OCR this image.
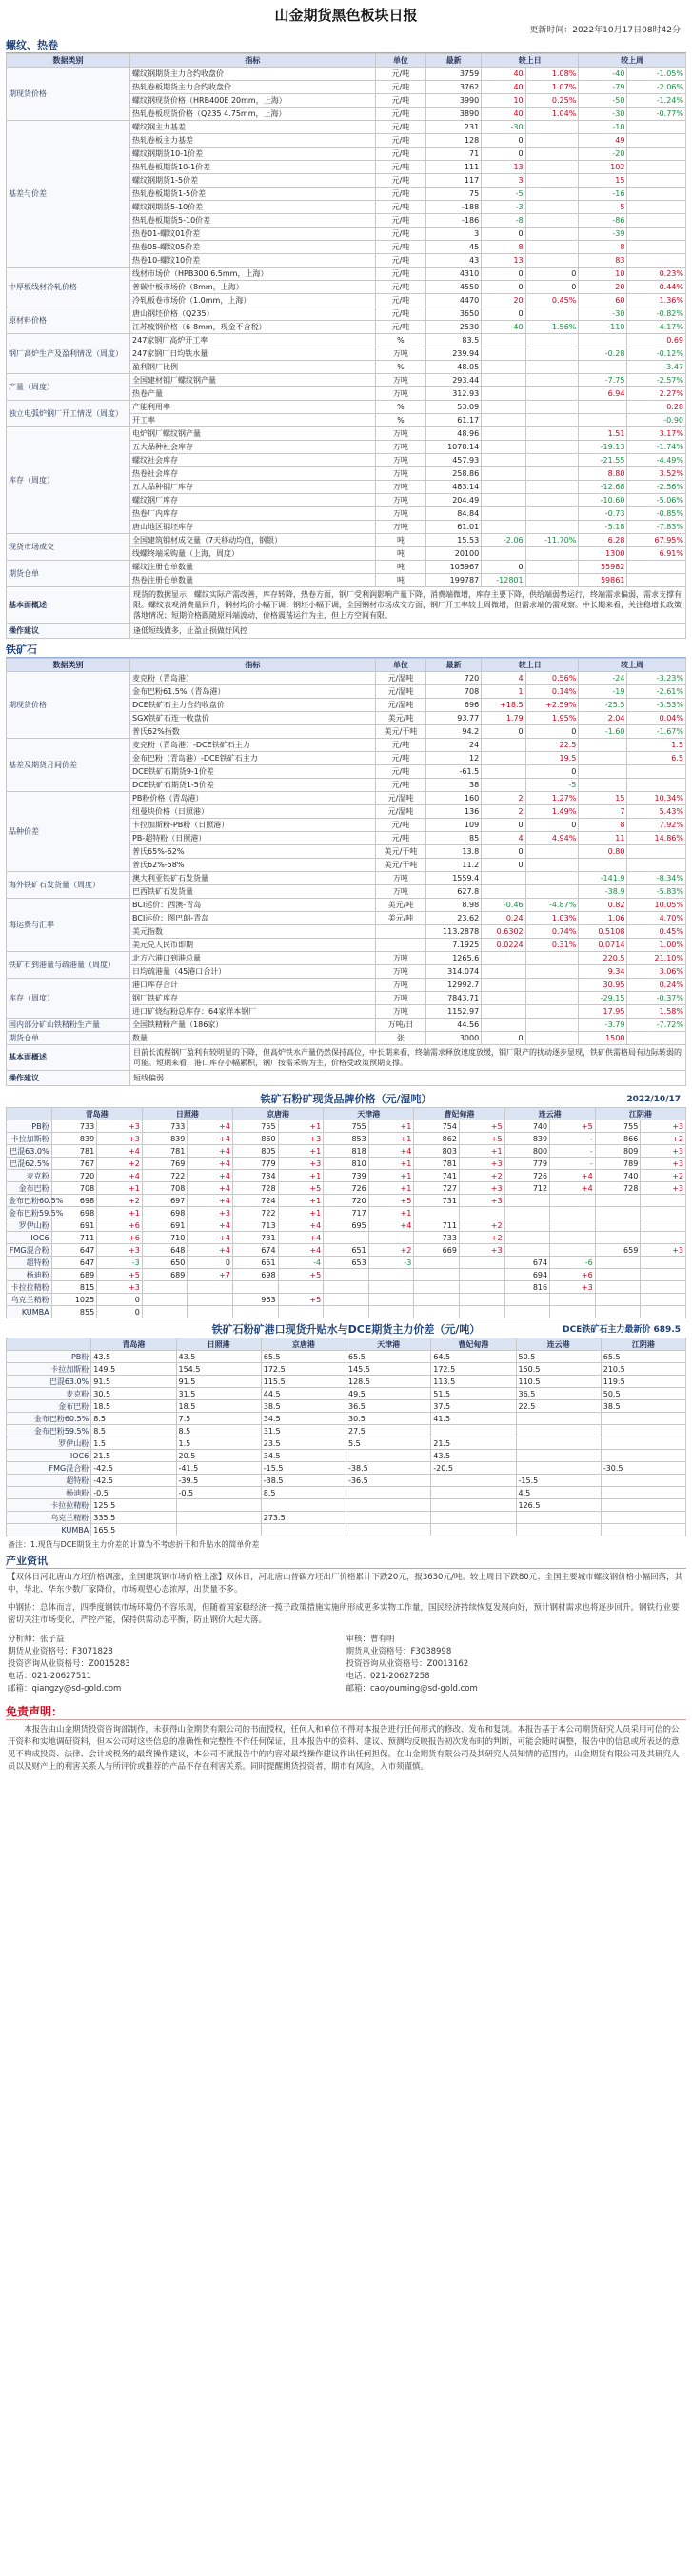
山金期货黑色板块日报
更新时间：2022年10月17日08时42分
螺纹、热卷
数据类别	指标	单位	最新	较上日		较上周	
期现货价格	螺纹钢期货主力合约收盘价	元/吨	3759	40	1.08%	-40	-1.05%
	热轧卷板期货主力合约收盘价	元/吨	3762	40	1.07%	-79	-2.06%
	螺纹钢现货价格（HRB400E 20mm，上海）	元/吨	3990	10	0.25%	-50	-1.24%
	热轧卷板现货价格（Q235 4.75mm，上海）	元/吨	3890	40	1.04%	-30	-0.77%
基差与价差	螺纹钢主力基差	元/吨	231	-30		-10	
	热轧卷板主力基差	元/吨	128	0		49	
	螺纹钢期货10-1价差	元/吨	71	0		-20	
	热轧卷板期货10-1价差	元/吨	111	13		102	
	螺纹钢期货1-5价差	元/吨	117	3		15	
	热轧卷板期货1-5价差	元/吨	75	-5		-16	
	螺纹钢期货5-10价差	元/吨	-188	-3		5	
	热轧卷板期货5-10价差	元/吨	-186	-8		-86	
	热卷01-螺纹01价差	元/吨	3	0		-39	
	热卷05-螺纹05价差	元/吨	45	8		8	
	热卷10-螺纹10价差	元/吨	43	13		83	
中厚板线材冷轧价格	线材市场价（HPB300 6.5mm，上海）	元/吨	4310	0	0	10	0.23%
	普碳中板市场价（8mm，上海）	元/吨	4550	0	0	20	0.44%
	冷轧板卷市场价（1.0mm，上海）	元/吨	4470	20	0.45%	60	1.36%
原材料价格	唐山钢坯价格（Q235）	元/吨	3650	0		-30	-0.82%
	江苏废钢价格（6-8mm，现金不含税）	元/吨	2530	-40	-1.56%	-110	-4.17%
钢厂高炉生产及盈利情况（周度）	247家钢厂高炉开工率	%	83.5				0.69
	247家钢厂日均铁水量	万吨	239.94			-0.28	-0.12%
	盈利钢厂比例	%	48.05				-3.47
产量（周度）	全国建材钢厂螺纹钢产量	万吨	293.44			-7.75	-2.57%
	热卷产量	万吨	312.93			6.94	2.27%
独立电弧炉钢厂开工情况（周度）	产能利用率	%	53.09				0.28
	开工率	%	61.17				-0.90
库存（周度）	电炉钢厂螺纹钢产量	万吨	48.96			1.51	3.17%
	五大品种社会库存	万吨	1078.14			-19.13	-1.74%
	螺纹社会库存	万吨	457.93			-21.55	-4.49%
	热卷社会库存	万吨	258.86			8.80	3.52%
	五大品种钢厂库存	万吨	483.14			-12.68	-2.56%
	螺纹钢厂库存	万吨	204.49			-10.60	-5.06%
	热卷厂内库存	万吨	84.84			-0.73	-0.85%
	唐山地区钢坯库存	万吨	61.01			-5.18	-7.83%
现货市场成交	全国建筑钢材成交量（7天移动均值，钢银）	吨	15.53	-2.06	-11.70%	6.28	67.95%
	线螺终端采购量（上海，周度）	吨	20100			1300	6.91%
期货仓单	螺纹注册仓单数量	吨	105967	0		55982	
	热卷注册仓单数量	吨	199787	-12801		59861	
基本面概述	现货的数据显示，螺纹实际产需改善，库存转降，热卷方面，钢厂受利润影响产量下降，消费端微增，库存主要下降，供给端弱势运行，终端需求偏弱，需求支撑有限。螺纹表观消费量回升，钢材均价小幅下调；钢坯小幅下调，全国钢材市场成交方面，钢厂开工率较上周微增，但需求端仍需观察。中长期来看，关注稳增长政策落地情况；短期价格跟随原料端波动，价格震荡运行为主，但上方空间有限。						
操作建议	逢低短线做多，止盈止损做好风控						
铁矿石
数据类别	指标	单位	最新	较上日		较上周	
期现货价格	麦克粉（青岛港）	元/湿吨	720	4	0.56%	-24	-3.23%
	金布巴粉61.5%（青岛港）	元/湿吨	708	1	0.14%	-19	-2.61%
	DCE铁矿石主力合约收盘价	元/湿吨	696	+18.5	+2.59%	-25.5	-3.53%
	SGX铁矿石连一收盘价	美元/吨	93.77	1.79	1.95%	2.04	0.04%
	普氏62%指数	美元/干吨	94.2	0	0	-1.60	-1.67%
基差及期货月间价差	麦克粉（青岛港）-DCE铁矿石主力	元/吨	24		22.5		1.5
	金布巴粉（青岛港）-DCE铁矿石主力	元/吨	12		19.5		6.5
	DCE铁矿石期货9-1价差	元/吨	-61.5		0		
	DCE铁矿石期货1-5价差	元/吨	38		-5		
品种价差	PB粉价格（青岛港）	元/湿吨	160	2	1.27%	15	10.34%
	纽曼块价格（日照港）	元/湿吨	136	2	1.49%	7	5.43%
	卡拉加斯粉-PB粉（日照港）	元/吨	109	0	0	8	7.92%
	PB-超特粉（日照港）	元/吨	85	4	4.94%	11	14.86%
	普氏65%-62%	美元/干吨	13.8	0		0.80	
	普氏62%-58%	美元/干吨	11.2	0			
海外铁矿石发货量（周度）	澳大利亚铁矿石发货量	万吨	1559.4			-141.9	-8.34%
	巴西铁矿石发货量	万吨	627.8			-38.9	-5.83%
海运费与汇率	BCI运价：西澳-青岛	美元/吨	8.98	-0.46	-4.87%	0.82	10.05%
	BCI运价：图巴朗-青岛	美元/吨	23.62	0.24	1.03%	1.06	4.70%
	美元指数		113.2878	0.6302	0.74%	0.5108	0.45%
	美元兑人民币即期		7.1925	0.0224	0.31%	0.0714	1.00%
铁矿石到港量与疏港量（周度）	北方六港口到港总量	万吨	1265.6			220.5	21.10%
	日均疏港量（45港口合计）	万吨	314.074			9.34	3.06%
库存（周度）	港口库存合计	万吨	12992.7			30.95	0.24%
	钢厂铁矿库存	万吨	7843.71			-29.15	-0.37%
	进口矿烧结粉总库存：64家样本钢厂	万吨	1152.97			17.95	1.58%
国内部分矿山铁精粉生产量	全国铁精粉产量（186家）	万吨/日	44.56			-3.79	-7.72%
期货仓单	数量	张	3000	0		1500	
基本面概述	目前长流程钢厂盈利有较明显的下降，但高炉铁水产量仍然保持高位，中长期来看，终端需求释放速度放缓，钢厂限产的扰动逐步显现，铁矿供需格局有边际转弱的可能。短期来看，港口库存小幅累积，钢厂按需采购为主，价格受政策预期支撑。						
操作建议	短线偏弱						
铁矿石粉矿现货品牌价格（元/湿吨）	2022/10/17
	青岛港		日照港		京唐港		天津港		曹妃甸港		连云港		江阴港	
PB粉	733	+3	733	+4	755	+1	755	+1	754	+5	740	+5	755	+3
卡拉加斯粉	839	+3	839	+4	860	+3	853	+1	862	+5	839	-	866	+2
巴混63.0%	781	+4	781	+4	805	+1	818	+4	803	+1	800	-	809	+3
巴混62.5%	767	+2	769	+4	779	+3	810	+1	781	+3	779	-	789	+3
麦克粉	720	+4	722	+4	734	+1	739	+1	741	+2	726	+4	740	+2
金布巴粉	708	+1	708	+4	728	+5	726	+1	727	+3	712	+4	728	+3
金布巴粉60.5%	698	+2	697	+4	724	+1	720	+5	731	+3				
金布巴粉59.5%	698	+1	698	+3	722	+1	717	+1						
罗伊山粉	691	+6	691	+4	713	+4	695	+4	711	+2				
IOC6	711	+6	710	+4	731	+4			733	+2				
FMG混合粉	647	+3	648	+4	674	+4	651	+2	669	+3			659	+3
超特粉	647	-3	650	0	651	-4	653	-3			674	-6		
杨迪粉	689	+5	689	+7	698	+5					694	+6		
卡拉拉精粉	815	+3									816	+3		
乌克兰精粉	1025	0			963	+5								
KUMBA	855	0												
铁矿石粉矿港口现货升贴水与DCE期货主力价差（元/吨）	DCE铁矿石主力最新价 689.5
	青岛港	日照港	京唐港	天津港	曹妃甸港	连云港	江阴港
PB粉	43.5	43.5	65.5	65.5	64.5	50.5	65.5
卡拉加斯粉	149.5	154.5	172.5	145.5	172.5	150.5	210.5
巴混63.0%	91.5	91.5	115.5	128.5	113.5	110.5	119.5
麦克粉	30.5	31.5	44.5	49.5	51.5	36.5	50.5
金布巴粉	18.5	18.5	38.5	36.5	37.5	22.5	38.5
金布巴粉60.5%	8.5	7.5	34.5	30.5	41.5		
金布巴粉59.5%	8.5	8.5	31.5	27.5			
罗伊山粉	1.5	1.5	23.5	5.5	21.5		
IOC6	21.5	20.5	34.5		43.5		
FMG混合粉	-42.5	-41.5	-15.5	-38.5	-20.5		-30.5
超特粉	-42.5	-39.5	-38.5	-36.5		-15.5	
杨迪粉	-0.5	-0.5	8.5			4.5	
卡拉拉精粉	125.5					126.5	
乌克兰精粉	335.5		273.5				
KUMBA	165.5						
备注：1.现货与DCE期货主力价差的计算为不考虑折干和升贴水的简单价差
产业资讯
【双休日河北唐山方坯价格调涨，全国建筑钢市场价格上涨】双休日，河北唐山普碳方坯出厂价格累计下跌20元，报3630元/吨。较上周日下跌80元；全国主要城市螺纹钢价格小幅回落，其中，华北、华东少数厂家降价，市场观望心态浓厚，出货量不多。
中钢协：总体而言，四季度钢铁市场环境仍不容乐观，但随着国家稳经济一揽子政策措施实施所形成更多实物工作量，国民经济持续恢复发展向好，预计钢材需求也将逐步回升。钢铁行业要密切关注市场变化，严控产能，保持供需动态平衡，防止钢价大起大落。
分析师：张子益
期货从业资格号：F3071828
投资咨询从业资格号：Z0015283
电话：021-20627511
邮箱：qiangzy@sd-gold.com
审核：曹有明
期货从业资格号：F3038998
投资咨询从业资格号：Z0013162
电话：021-20627258
邮箱：caoyouming@sd-gold.com
免责声明：
本报告由山金期货投资咨询部制作，未获得山金期货有限公司的书面授权，任何人和单位不得对本报告进行任何形式的修改、发布和复制。本报告基于本公司期货研究人员采用可信的公开资料和实地调研资料，但本公司对这些信息的准确性和完整性不作任何保证，且本报告中的资料、建议、预测均反映报告初次发布时的判断，可能会随时调整，报告中的信息或所表达的意见不构成投资、法律、会计或税务的最终操作建议，本公司不就报告中的内容对最终操作建议作出任何担保。在山金期货有限公司及其研究人员知情的范围内，山金期货有限公司及其研究人员以及财产上的利害关系人与所评价或推荐的产品不存在利害关系。同时提醒期货投资者，期市有风险，入市须谨慎。
